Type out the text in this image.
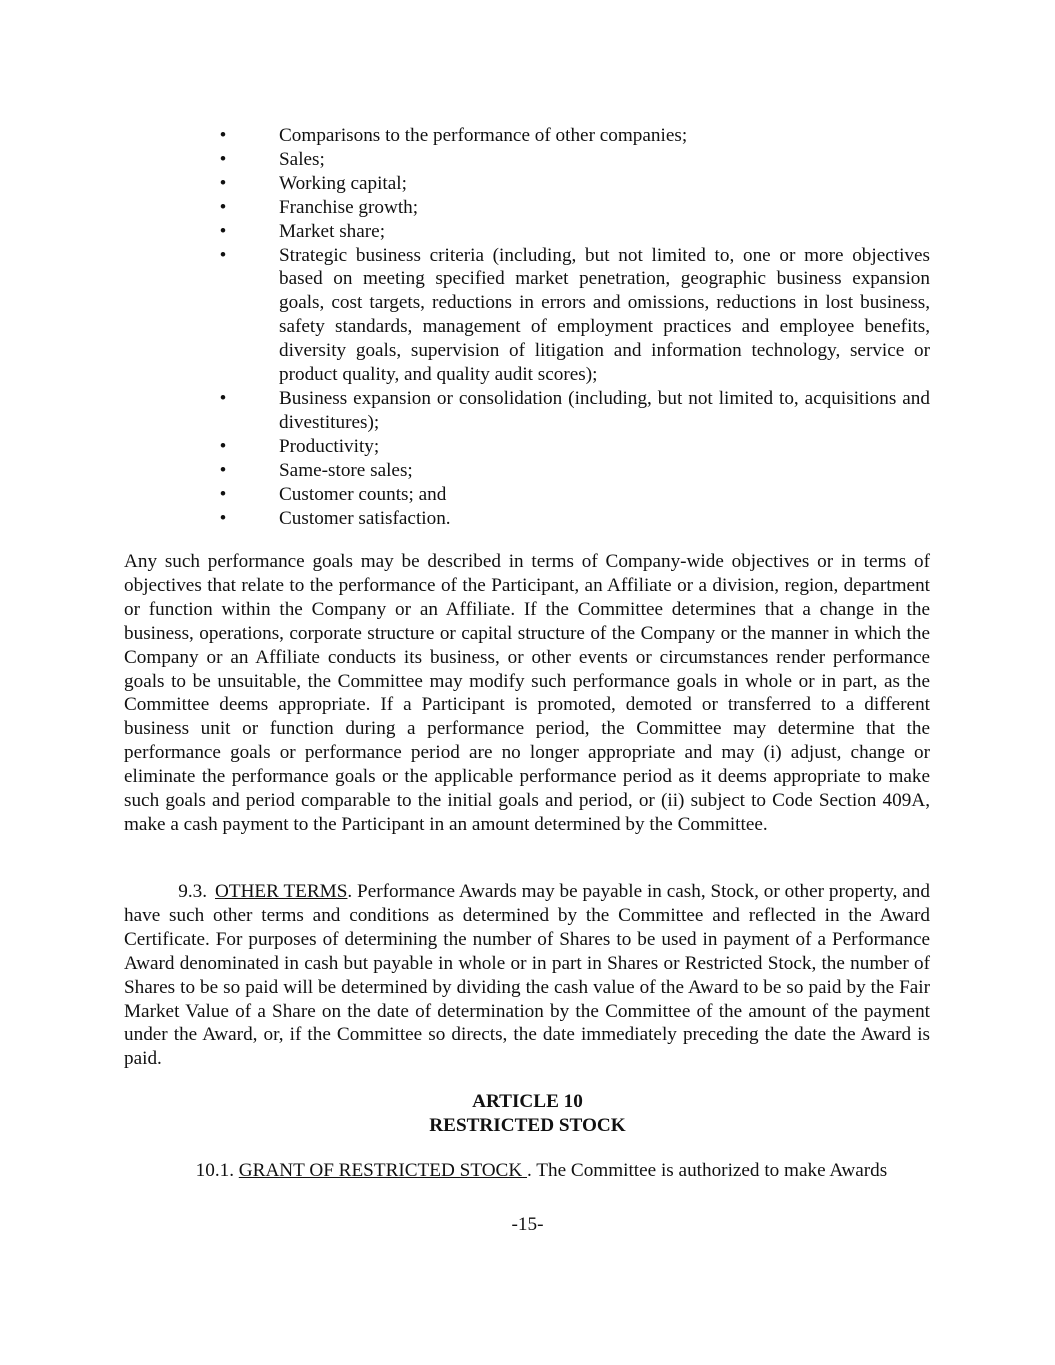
•	Comparisons to the performance of other companies;
•	Sales;
•	Working capital;
•	Franchise growth;
•	Market share;
•	Strategic business criteria (including, but not limited to, one or more objectives based on meeting specified market penetration, geographic business expansion goals, cost targets, reductions in errors and omissions, reductions in lost business, safety standards, management of employment practices and employee benefits, diversity goals, supervision of litigation and information technology, service or product quality, and quality audit scores);
•	Business expansion or consolidation (including, but not limited to, acquisitions and divestitures);
•	Productivity;
•	Same-store sales;
•	Customer counts; and
•	Customer satisfaction.

Any such performance goals may be described in terms of Company-wide objectives or in terms of objectives that relate to the performance of the Participant, an Affiliate or a division, region, department or function within the Company or an Affiliate. If the Committee determines that a change in the business, operations, corporate structure or capital structure of the Company or the manner in which the Company or an Affiliate conducts its business, or other events or circumstances render performance goals to be unsuitable, the Committee may modify such performance goals in whole or in part, as the Committee deems appropriate. If a Participant is promoted, demoted or transferred to a different business unit or function during a performance period, the Committee may determine that the performance goals or performance period are no longer appropriate and may (i) adjust, change or eliminate the performance goals or the applicable performance period as it deems appropriate to make such goals and period comparable to the initial goals and period, or (ii) subject to Code Section 409A, make a cash payment to the Participant in an amount determined by the Committee.

9.3. OTHER TERMS. Performance Awards may be payable in cash, Stock, or other property, and have such other terms and conditions as determined by the Committee and reflected in the Award Certificate. For purposes of determining the number of Shares to be used in payment of a Performance Award denominated in cash but payable in whole or in part in Shares or Restricted Stock, the number of Shares to be so paid will be determined by dividing the cash value of the Award to be so paid by the Fair Market Value of a Share on the date of determination by the Committee of the amount of the payment under the Award, or, if the Committee so directs, the date immediately preceding the date the Award is paid.

ARTICLE 10

RESTRICTED STOCK

10.1. GRANT OF RESTRICTED STOCK . The Committee is authorized to make Awards

-15-
